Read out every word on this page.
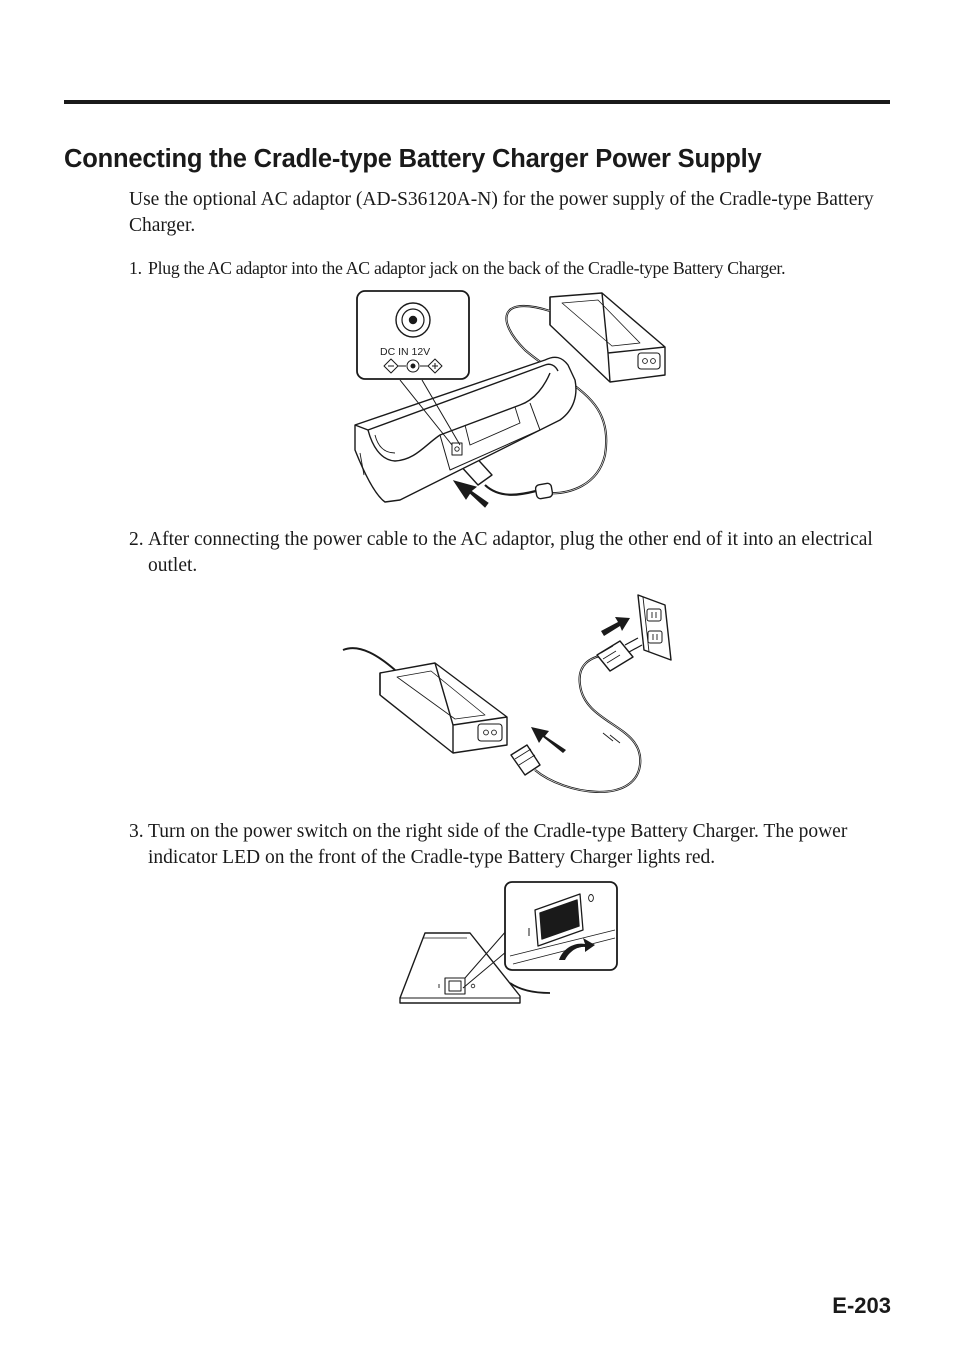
Connecting the Cradle-type Battery Charger Power Supply

Use the optional AC adaptor (AD-S36120A-N) for the power supply of the Cradle-type Battery Charger.

1. Plug the AC adaptor into the AC adaptor jack on the back of the Cradle-type Battery Charger.

DC IN 12V

2. After connecting the power cable to the AC adaptor, plug the other end of it into an electrical outlet.

3. Turn on the power switch on the right side of the Cradle-type Battery Charger. The power indicator LED on the front of the Cradle-type Battery Charger lights red.

E-203
